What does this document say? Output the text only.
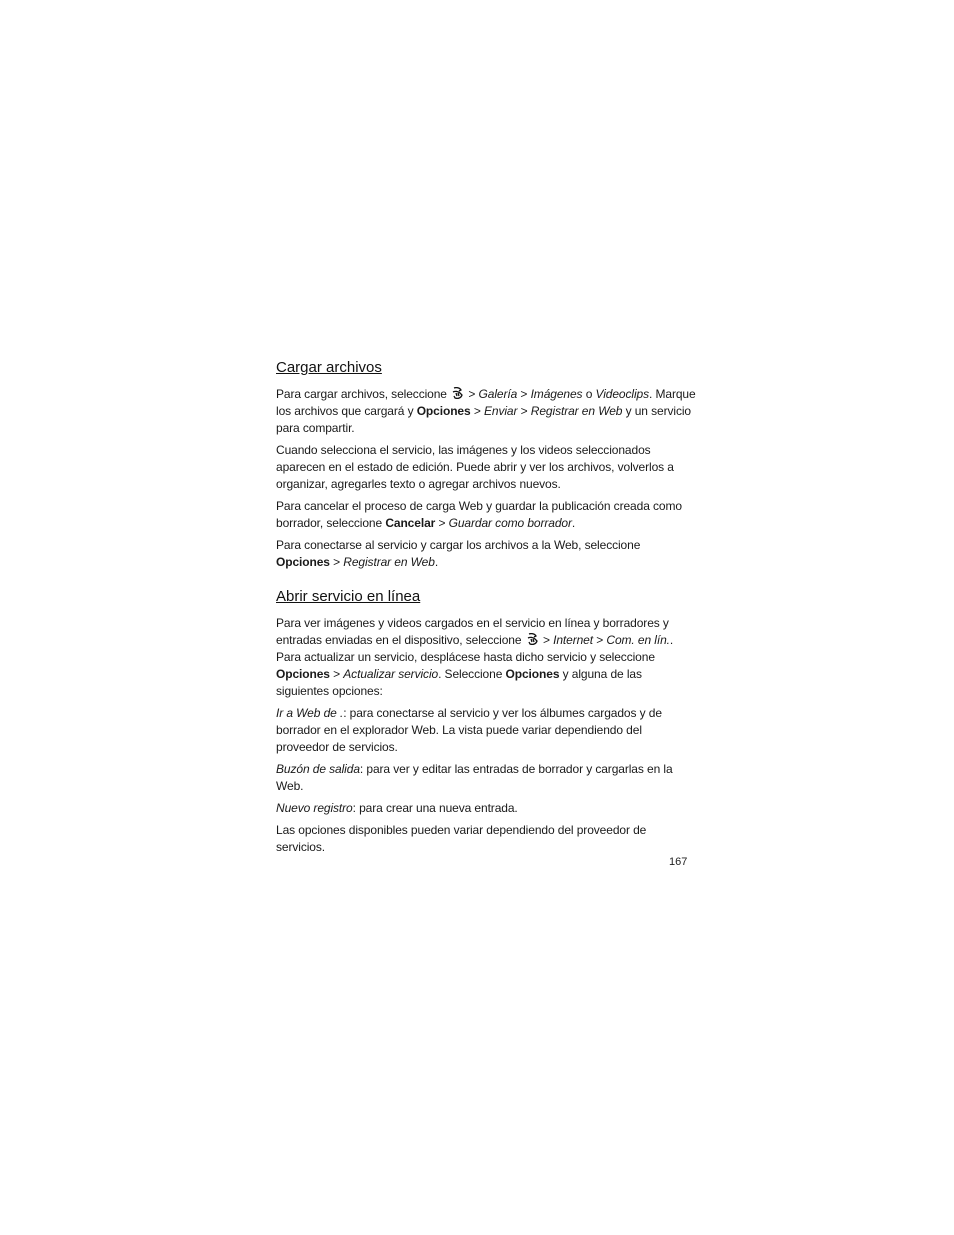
Cargar archivos

Para cargar archivos, seleccione > Galería > Imágenes o Videoclips. Marque los archivos que cargará y Opciones > Enviar > Registrar en Web y un servicio para compartir.

Cuando selecciona el servicio, las imágenes y los videos seleccionados aparecen en el estado de edición. Puede abrir y ver los archivos, volverlos a organizar, agregarles texto o agregar archivos nuevos.

Para cancelar el proceso de carga Web y guardar la publicación creada como borrador, seleccione Cancelar > Guardar como borrador.

Para conectarse al servicio y cargar los archivos a la Web, seleccione Opciones > Registrar en Web.

Abrir servicio en línea

Para ver imágenes y videos cargados en el servicio en línea y borradores y entradas enviadas en el dispositivo, seleccione > Internet > Com. en lín.. Para actualizar un servicio, desplácese hasta dicho servicio y seleccione Opciones > Actualizar servicio. Seleccione Opciones y alguna de las siguientes opciones:

Ir a Web de .: para conectarse al servicio y ver los álbumes cargados y de borrador en el explorador Web. La vista puede variar dependiendo del proveedor de servicios.

Buzón de salida: para ver y editar las entradas de borrador y cargarlas en la Web.

Nuevo registro: para crear una nueva entrada.

Las opciones disponibles pueden variar dependiendo del proveedor de servicios.

167
